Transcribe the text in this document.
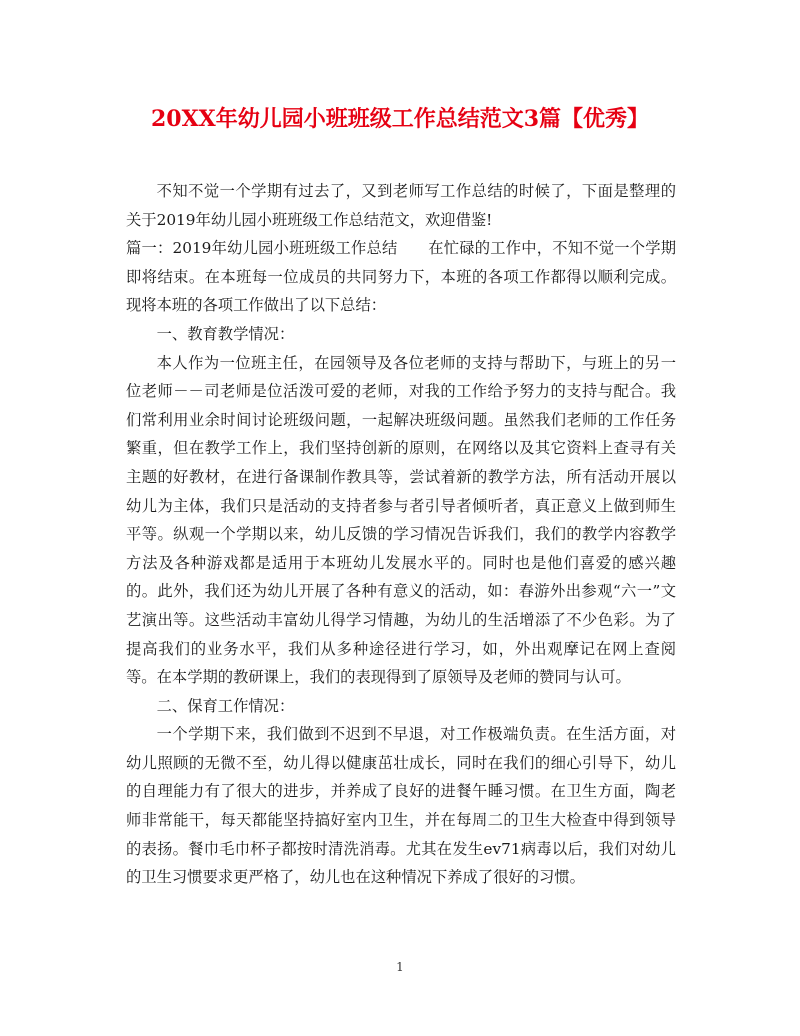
20XX年幼儿园小班班级工作总结范文3篇【优秀】

不知不觉一个学期有过去了，又到老师写工作总结的时候了，下面是整理的关于2019年幼儿园小班班级工作总结范文，欢迎借鉴!

篇一：2019年幼儿园小班班级工作总结 在忙碌的工作中，不知不觉一个学期即将结束。在本班每一位成员的共同努力下，本班的各项工作都得以顺利完成。现将本班的各项工作做出了以下总结：

一、教育教学情况：

本人作为一位班主任，在园领导及各位老师的支持与帮助下，与班上的另一位老师－－司老师是位活泼可爱的老师，对我的工作给予努力的支持与配合。我们常利用业余时间讨论班级问题，一起解决班级问题。虽然我们老师的工作任务繁重，但在教学工作上，我们坚持创新的原则，在网络以及其它资料上查寻有关主题的好教材，在进行备课制作教具等，尝试着新的教学方法，所有活动开展以幼儿为主体，我们只是活动的支持者参与者引导者倾听者，真正意义上做到师生平等。纵观一个学期以来，幼儿反馈的学习情况告诉我们，我们的教学内容教学方法及各种游戏都是适用于本班幼儿发展水平的。同时也是他们喜爱的感兴趣的。此外，我们还为幼儿开展了各种有意义的活动，如：春游外出参观“六一”文艺演出等。这些活动丰富幼儿得学习情趣，为幼儿的生活增添了不少色彩。为了提高我们的业务水平，我们从多种途径进行学习，如，外出观摩记在网上查阅等。在本学期的教研课上，我们的表现得到了原领导及老师的赞同与认可。

二、保育工作情况：

一个学期下来，我们做到不迟到不早退，对工作极端负责。在生活方面，对幼儿照顾的无微不至，幼儿得以健康茁壮成长，同时在我们的细心引导下，幼儿的自理能力有了很大的进步，并养成了良好的进餐午睡习惯。在卫生方面，陶老师非常能干，每天都能坚持搞好室内卫生，并在每周二的卫生大检查中得到领导的表扬。餐巾毛巾杯子都按时清洗消毒。尤其在发生ev71病毒以后，我们对幼儿的卫生习惯要求更严格了，幼儿也在这种情况下养成了很好的习惯。

1
